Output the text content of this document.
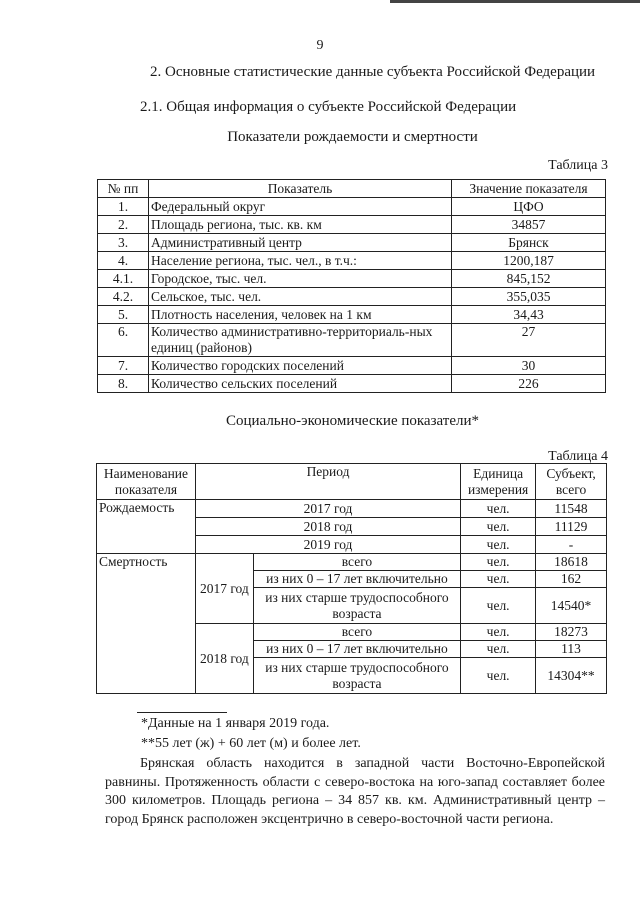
9
2. Основные статистические данные субъекта Российской Федерации
2.1. Общая информация о субъекте Российской Федерации
Показатели рождаемости и смертности
Таблица 3
№ пп	Показатель	Значение показателя
1.	Федеральный округ	ЦФО
2.	Площадь региона, тыс. кв. км	34857
3.	Административный центр	Брянск
4.	Население региона, тыс. чел., в т.ч.:	1200,187
4.1.	Городское, тыс. чел.	845,152
4.2.	Сельское, тыс. чел.	355,035
5.	Плотность населения, человек на 1 км	34,43
6.	Количество административно-территориаль-ных единиц (районов)	27
7.	Количество городских поселений	30
8.	Количество сельских поселений	226
Социально-экономические показатели*
Таблица 4
Наименование показателя	Период		Единица измерения	Субъект, всего
Рождаемость	2017 год		чел.	11548
	2018 год		чел.	11129
	2019 год		чел.	-
Смертность	2017 год	всего	чел.	18618
		из них 0 – 17 лет включительно	чел.	162
		из них старше трудоспособного возраста	чел.	14540*
	2018 год	всего	чел.	18273
		из них 0 – 17 лет включительно	чел.	113
		из них старше трудоспособного возраста	чел.	14304**
*Данные на 1 января 2019 года.
**55 лет (ж) + 60 лет (м) и более лет.
Брянская область находится в западной части Восточно-Европейской равнины. Протяженность области с северо-востока на юго-запад составляет более 300 километров. Площадь региона – 34 857 кв. км. Административный центр – город Брянск расположен эксцентрично в северо-восточной части региона.
